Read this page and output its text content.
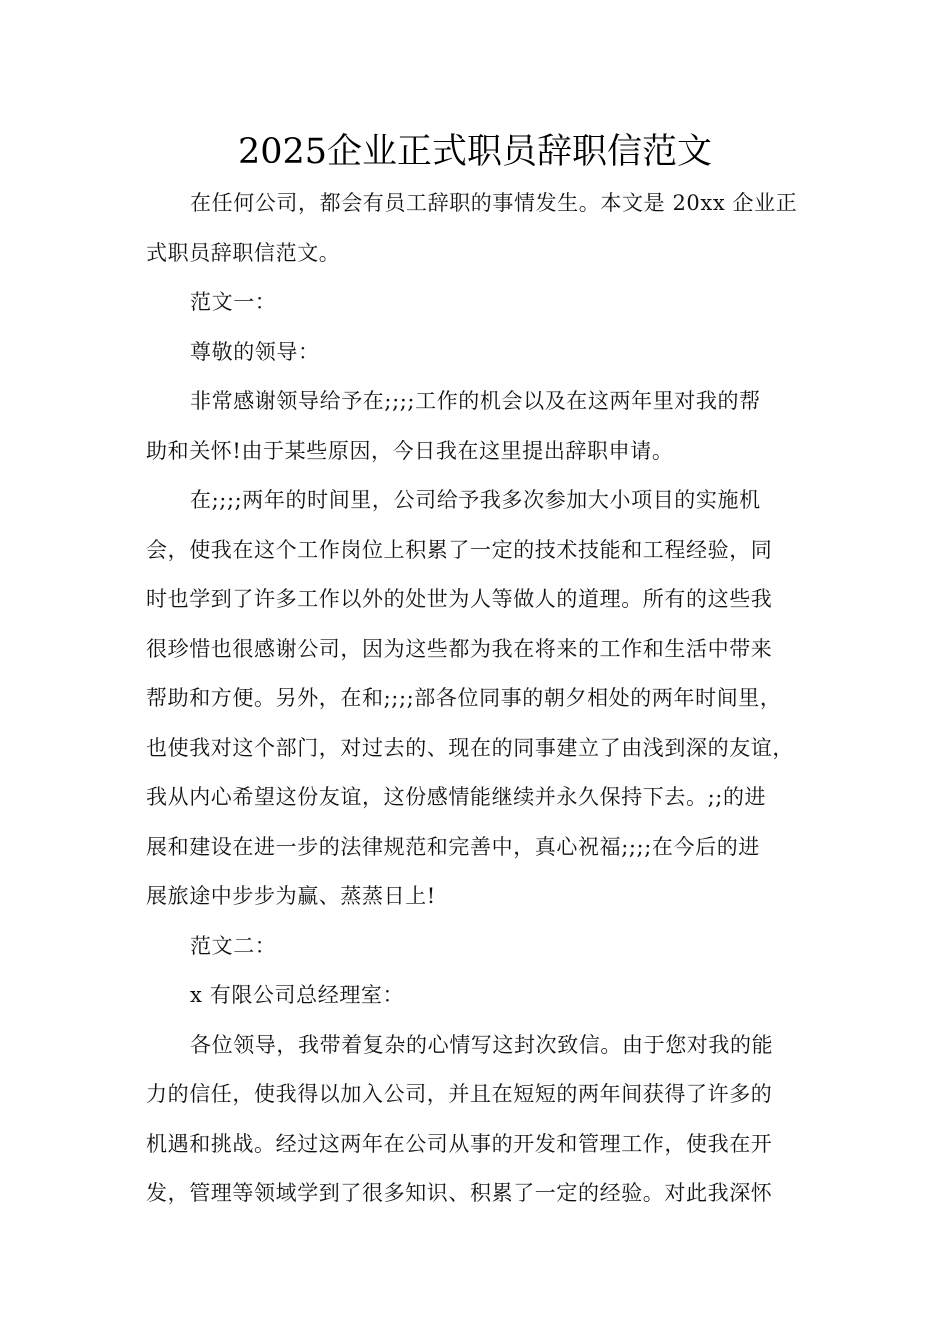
2025企业正式职员辞职信范文
在任何公司，都会有员工辞职的事情发生。本文是 20xx 企业正
式职员辞职信范文。
范文一：
尊敬的领导：
非常感谢领导给予在;;;;工作的机会以及在这两年里对我的帮
助和关怀!由于某些原因，今日我在这里提出辞职申请。
在;;;;两年的时间里，公司给予我多次参加大小项目的实施机
会，使我在这个工作岗位上积累了一定的技术技能和工程经验，同
时也学到了许多工作以外的处世为人等做人的道理。所有的这些我
很珍惜也很感谢公司，因为这些都为我在将来的工作和生活中带来
帮助和方便。另外，在和;;;;部各位同事的朝夕相处的两年时间里，
也使我对这个部门，对过去的、现在的同事建立了由浅到深的友谊，
我从内心希望这份友谊，这份感情能继续并永久保持下去。;;的进
展和建设在进一步的法律规范和完善中，真心祝福;;;;在今后的进
展旅途中步步为赢、蒸蒸日上!
范文二：
x 有限公司总经理室：
各位领导，我带着复杂的心情写这封次致信。由于您对我的能
力的信任，使我得以加入公司，并且在短短的两年间获得了许多的
机遇和挑战。经过这两年在公司从事的开发和管理工作，使我在开
发，管理等领域学到了很多知识、积累了一定的经验。对此我深怀
